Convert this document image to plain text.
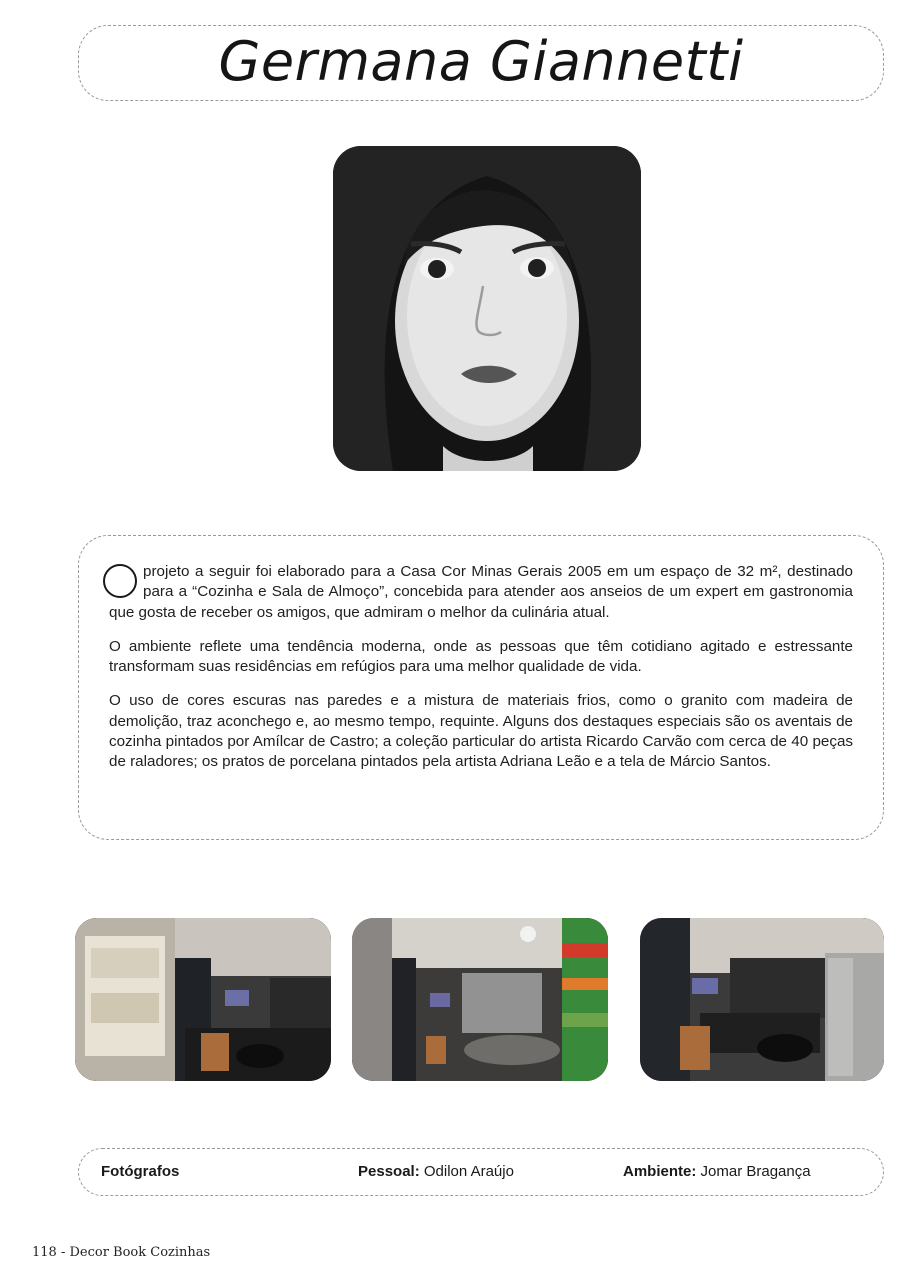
Germana Giannetti

projeto a seguir foi elaborado para a Casa Cor Minas Gerais 2005 em um espaço de 32 m², destinado para a “Cozinha e Sala de Almoço”, concebida para atender aos anseios de um expert em gastronomia que gosta de receber os amigos, que admiram o melhor da culinária atual.

O ambiente reflete uma tendência moderna, onde as pessoas que têm cotidiano agitado e estressante transformam suas residências em refúgios para uma melhor qualidade de vida.

O uso de cores escuras nas paredes e a mistura de materiais frios, como o granito com madeira de demolição, traz aconchego e, ao mesmo tempo, requinte. Alguns dos destaques especiais são os aventais de cozinha pintados por Amílcar de Castro; a coleção particular do artista Ricardo Carvão com cerca de 40 peças de raladores; os pratos de porcelana pintados pela artista Adriana Leão e a tela de Márcio Santos.

Fotógrafos	Pessoal: Odilon Araújo	Ambiente: Jomar Bragança
118 - Decor Book Cozinhas
